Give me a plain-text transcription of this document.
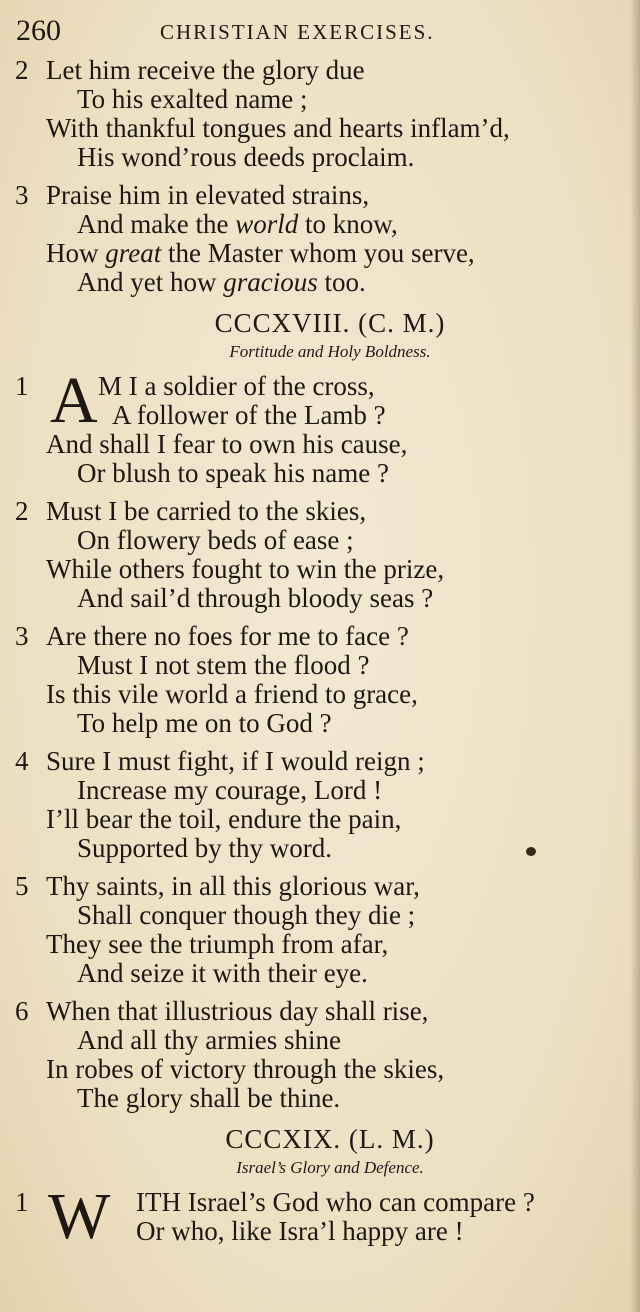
260	CHRISTIAN EXERCISES.
2 Let him receive the glory due
To his exalted name ;
With thankful tongues and hearts inflam’d,
His wond’rous deeds proclaim.
3 Praise him in elevated strains,
And make the world to know,
How great the Master whom you serve,
And yet how gracious too.
CCCXVIII. (C. M.)
Fortitude and Holy Boldness.
1 A M I a soldier of the cross,
A follower of the Lamb ?
And shall I fear to own his cause,
Or blush to speak his name ?
2 Must I be carried to the skies,
On flowery beds of ease ;
While others fought to win the prize,
And sail’d through bloody seas ?
3 Are there no foes for me to face ?
Must I not stem the flood ?
Is this vile world a friend to grace,
To help me on to God ?
4 Sure I must fight, if I would reign ;
Increase my courage, Lord !
I’ll bear the toil, endure the pain,
Supported by thy word.
5 Thy saints, in all this glorious war,
Shall conquer though they die ;
They see the triumph from afar,
And seize it with their eye.
6 When that illustrious day shall rise,
And all thy armies shine
In robes of victory through the skies,
The glory shall be thine.
CCCXIX. (L. M.)
Israel’s Glory and Defence.
1 W ITH Israel’s God who can compare ?
Or who, like Isra’l happy are !
